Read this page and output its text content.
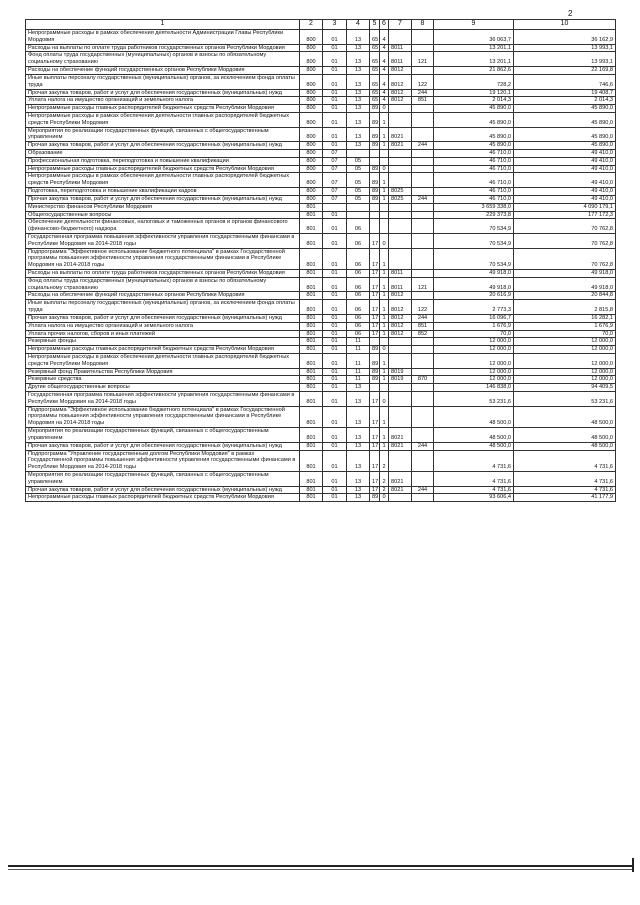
2
1	2	3	4	5	6	7	8	9	10
Непрограммные расходы в рамках обеспечения деятельности Администрации Главы Республики Мордовия	800	01	13	65	4			36 063,7	36 162,9
Расходы на выплаты по оплате труда работников государственных органов Республики Мордовия	800	01	13	65	4	8011		13 201,1	13 993,1
Фонд оплаты труда государственных (муниципальных) органов и взносы по обязательному социальному страхованию	800	01	13	65	4	8011	121	13 201,1	13 993,1
Расходы на обеспечение функций государственных органов Республики Мордовия	800	01	13	65	4	8012		21 862,6	22 169,8
Иные выплаты персоналу государственных (муниципальных) органов, за исключением фонда оплаты труда	800	01	13	65	4	8012	122	728,2	746,6
Прочая закупка товаров, работ и услуг для обеспечения государственных (муниципальных) нужд	800	01	13	65	4	8012	244	19 120,1	19 408,7
Уплата налога на имущество организаций и земельного налога	800	01	13	65	4	8012	851	2 014,3	2 014,3
Непрограммные расходы главных распорядителей бюджетных средств Республики Мордовия	800	01	13	89	0			45 890,0	45 890,0
Непрограммные расходы в рамках обеспечения деятельности главных распорядителей бюджетных средств Республики Мордовия	800	01	13	89	1			45 890,0	45 890,0
Мероприятия по реализации государственных функций, связанных с общегосударственным управлением	800	01	13	89	1	8021		45 890,0	45 890,0
Прочая закупка товаров, работ и услуг для обеспечения государственных (муниципальных) нужд	800	01	13	89	1	8021	244	45 890,0	45 890,0
Образование	800	07						46 710,0	49 410,0
Профессиональная подготовка, переподготовка и повышение квалификации	800	07	05					46 710,0	49 410,0
Непрограммные расходы главных распорядителей бюджетных средств Республики Мордовия	800	07	05	89	0			46 710,0	49 410,0
Непрограммные расходы в рамках обеспечения деятельности главных распорядителей бюджетных средств Республики Мордовия	800	07	05	89	1			46 710,0	49 410,0
Подготовка, переподготовка и повышение квалификации кадров	800	07	05	89	1	8025		46 710,0	49 410,0
Прочая закупка товаров, работ и услуг для обеспечения государственных (муниципальных) нужд	800	07	05	89	1	8025	244	46 710,0	49 410,0
Министерство финансов Республики Мордовия	801							3 659 338,0	4 090 179,1
Общегосударственные вопросы	801	01						229 373,8	177 172,3
Обеспечение деятельности финансовых, налоговых и таможенных органов и органов финансового (финансово-бюджетного) надзора	801	01	06					70 534,9	70 762,8
Государственная программа повышения эффективности управления государственными финансами в Республике Мордовия на 2014-2018 годы	801	01	06	17	0			70 534,9	70 762,8
Подпрограмма "Эффективное использование бюджетного потенциала" в рамках Государственной программы повышения эффективности управления государственными финансами в Республике Мордовия на 2014-2018 годы	801	01	06	17	1			70 534,9	70 762,8
Расходы на выплаты по оплате труда работников государственных органов Республики Мордовия	801	01	06	17	1	8011		49 918,0	49 918,0
Фонд оплаты труда государственных (муниципальных) органов и взносы по обязательному социальному страхованию	801	01	06	17	1	8011	121	49 918,0	49 918,0
Расходы на обеспечение функций государственных органов Республики Мордовия	801	01	06	17	1	8012		20 616,9	20 844,8
Иные выплаты персоналу государственных (муниципальных) органов, за исключением фонда оплаты труда	801	01	06	17	1	8012	122	2 773,3	2 815,8
Прочая закупка товаров, работ и услуг для обеспечения государственных (муниципальных) нужд	801	01	06	17	1	8012	244	16 096,7	16 282,1
Уплата налога на имущество организаций и земельного налога	801	01	06	17	1	8012	851	1 676,9	1 676,9
Уплата прочих налогов, сборов и иных платежей	801	01	06	17	1	8012	852	70,0	70,0
Резервные фонды	801	01	11					12 000,0	12 000,0
Непрограммные расходы главных распорядителей бюджетных средств Республики Мордовия	801	01	11	89	0			12 000,0	12 000,0
Непрограммные расходы в рамках обеспечения деятельности главных распорядителей бюджетных средств Республики Мордовия	801	01	11	89	1			12 000,0	12 000,0
Резервный фонд Правительства Республики Мордовия	801	01	11	89	1	8019		12 000,0	12 000,0
Резервные средства	801	01	11	89	1	8019	870	12 000,0	12 000,0
Другие общегосударственные вопросы	801	01	13					146 838,0	94 409,5
Государственная программа повышения эффективности управления государственными финансами в Республике Мордовия на 2014-2018 годы	801	01	13	17	0			53 231,6	53 231,6
Подпрограмма "Эффективное использование бюджетного потенциала" в рамках Государственной программы повышения эффективности управления государственными финансами в Республике Мордовия на 2014-2018 годы	801	01	13	17	1			48 500,0	48 500,0
Мероприятия по реализации государственных функций, связанных с общегосударственным управлением	801	01	13	17	1	8021		48 500,0	48 500,0
Прочая закупка товаров, работ и услуг для обеспечения государственных (муниципальных) нужд	801	01	13	17	1	8021	244	48 500,0	48 500,0
Подпрограмма "Управление государственным долгом Республики Мордовия" в рамках Государственной программы повышения эффективности управления государственными финансами в Республике Мордовия на 2014-2018 годы	801	01	13	17	2			4 731,6	4 731,6
Мероприятия по реализации государственных функций, связанных с общегосударственным управлением	801	01	13	17	2	8021		4 731,6	4 731,6
Прочая закупка товаров, работ и услуг для обеспечения государственных (муниципальных) нужд	801	01	13	17	2	8021	244	4 731,6	4 731,6
Непрограммные расходы главных распорядителей бюджетных средств Республики Мордовия	801	01	13	89	0			93 606,4	41 177,9
